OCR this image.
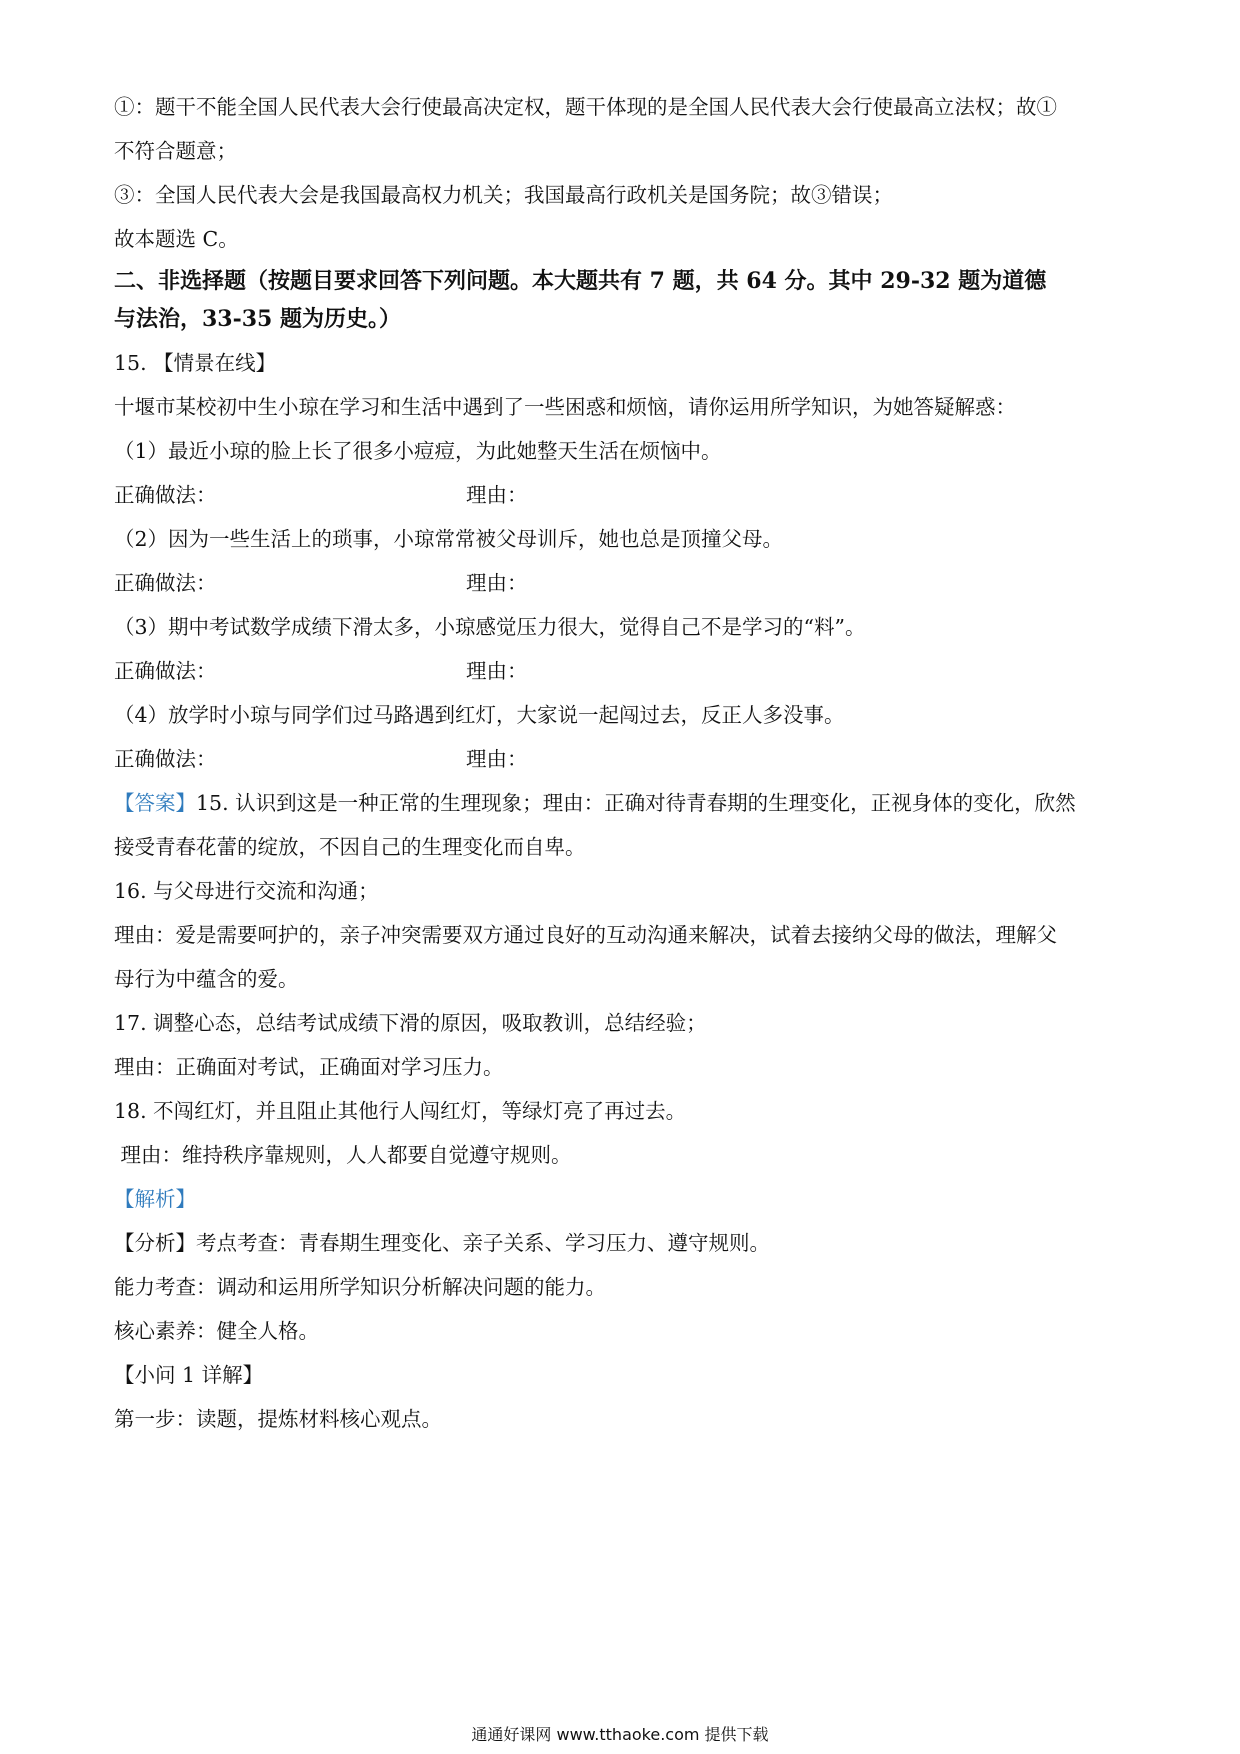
①：题干不能全国人民代表大会行使最高决定权，题干体现的是全国人民代表大会行使最高立法权；故①
不符合题意；
③：全国人民代表大会是我国最高权力机关；我国最高行政机关是国务院；故③错误；
故本题选 C。
二、非选择题（按题目要求回答下列问题。本大题共有 7 题，共 64 分。其中 29-32 题为道德
与法治，33-35 题为历史。）
15. 【情景在线】
十堰市某校初中生小琼在学习和生活中遇到了一些困惑和烦恼，请你运用所学知识，为她答疑解惑：
（1）最近小琼的脸上长了很多小痘痘，为此她整天生活在烦恼中。
正确做法：	理由：
（2）因为一些生活上的琐事，小琼常常被父母训斥，她也总是顶撞父母。
正确做法：	理由：
（3）期中考试数学成绩下滑太多，小琼感觉压力很大，觉得自己不是学习的“料”。
正确做法：	理由：
（4）放学时小琼与同学们过马路遇到红灯，大家说一起闯过去，反正人多没事。
正确做法：	理由：
【答案】15. 认识到这是一种正常的生理现象；理由：正确对待青春期的生理变化，正视身体的变化，欣然
接受青春花蕾的绽放，不因自己的生理变化而自卑。
16. 与父母进行交流和沟通；
理由：爱是需要呵护的，亲子冲突需要双方通过良好的互动沟通来解决，试着去接纳父母的做法，理解父
母行为中蕴含的爱。
17. 调整心态，总结考试成绩下滑的原因，吸取教训，总结经验；
理由：正确面对考试，正确面对学习压力。
18. 不闯红灯，并且阻止其他行人闯红灯，等绿灯亮了再过去。
理由：维持秩序靠规则，人人都要自觉遵守规则。
【解析】
【分析】考点考查：青春期生理变化、亲子关系、学习压力、遵守规则。
能力考查：调动和运用所学知识分析解决问题的能力。
核心素养：健全人格。
【小问 1 详解】
第一步：读题，提炼材料核心观点。
通通好课网 www.tthaoke.com 提供下载
